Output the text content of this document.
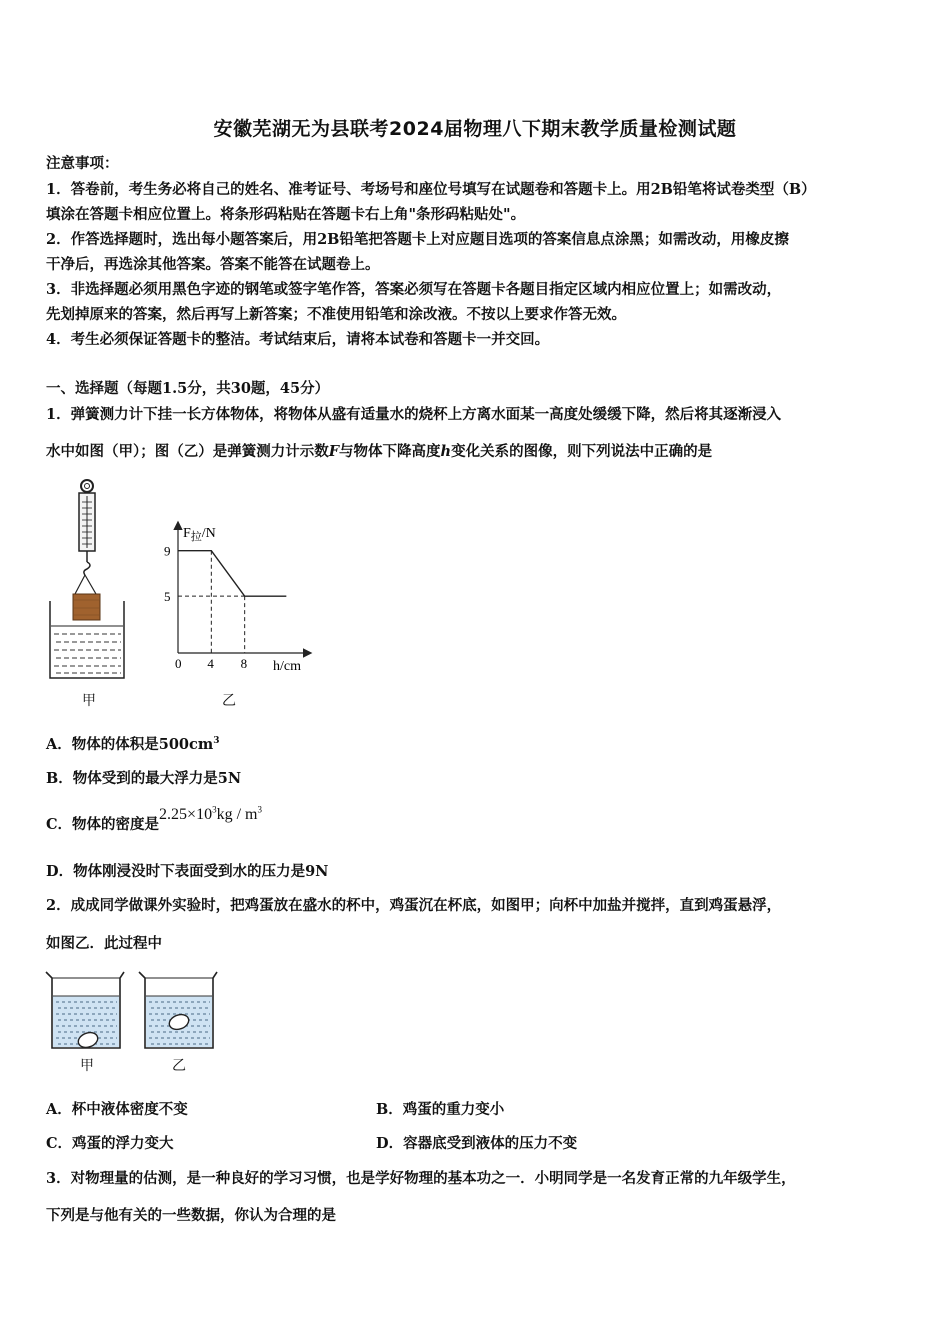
安徽芜湖无为县联考2024届物理八下期末教学质量检测试题
注意事项：
1．答卷前，考生务必将自己的姓名、准考证号、考场号和座位号填写在试题卷和答题卡上。用2B铅笔将试卷类型（B）
填涂在答题卡相应位置上。将条形码粘贴在答题卡右上角"条形码粘贴处"。
2．作答选择题时，选出每小题答案后，用2B铅笔把答题卡上对应题目选项的答案信息点涂黑；如需改动，用橡皮擦
干净后，再选涂其他答案。答案不能答在试题卷上。
3．非选择题必须用黑色字迹的钢笔或签字笔作答，答案必须写在答题卡各题目指定区域内相应位置上；如需改动，
先划掉原来的答案，然后再写上新答案；不准使用铅笔和涂改液。不按以上要求作答无效。
4．考生必须保证答题卡的整洁。考试结束后，请将本试卷和答题卡一并交回。
一、选择题（每题1.5分，共30题，45分）
1．弹簧测力计下挂一长方体物体，将物体从盛有适量水的烧杯上方离水面某一高度处缓缓下降，然后将其逐渐浸入
水中如图（甲）；图（乙）是弹簧测力计示数F与物体下降高度h变化关系的图像，则下列说法中正确的是
甲
$F_拉/N$
h/cm
0 4 8
9
5
乙
A．物体的体积是$500cm^3$
B．物体受到的最大浮力是5N
C．物体的密度是$2.25\times 10^3kg / m^3$
D．物体刚浸没时下表面受到水的压力是9N
2．成成同学做课外实验时，把鸡蛋放在盛水的杯中，鸡蛋沉在杯底，如图甲；向杯中加盐并搅拌，直到鸡蛋悬浮，
如图乙．此过程中
甲	乙
A．杯中液体密度不变	B．鸡蛋的重力变小
C．鸡蛋的浮力变大	D．容器底受到液体的压力不变
3．对物理量的估测，是一种良好的学习习惯，也是学好物理的基本功之一．小明同学是一名发育正常的九年级学生，
下列是与他有关的一些数据，你认为合理的是
